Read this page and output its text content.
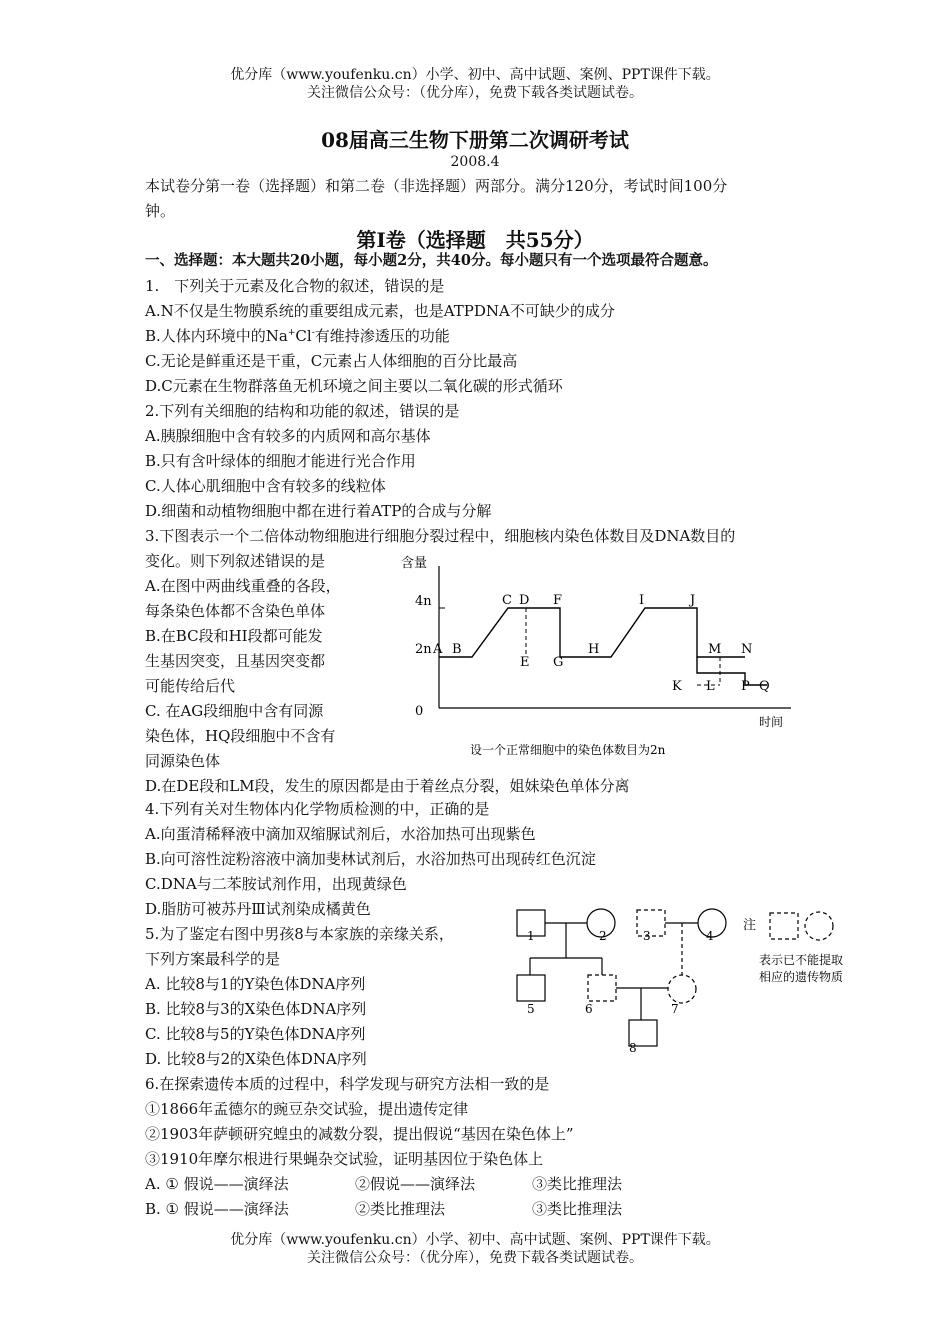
优分库（www.youfenku.cn）小学、初中、高中试题、案例、PPT课件下载。
关注微信公众号：（优分库），免费下载各类试题试卷。
08届高三生物下册第二次调研考试
2008.4
本试卷分第一卷（选择题）和第二卷（非选择题）两部分。满分120分，考试时间100分
钟。
第Ⅰ卷（选择题　共55分）
一、选择题：本大题共20小题，每小题2分，共40分。每小题只有一个选项最符合题意。
1.　下列关于元素及化合物的叙述，错误的是
A.N不仅是生物膜系统的重要组成元素，也是ATPDNA不可缺少的成分
B.人体内环境中的Na+Cl-有维持渗透压的功能
C.无论是鲜重还是干重，C元素占人体细胞的百分比最高
D.C元素在生物群落鱼无机环境之间主要以二氧化碳的形式循环
2.下列有关细胞的结构和功能的叙述，错误的是
A.胰腺细胞中含有较多的内质网和高尔基体
B.只有含叶绿体的细胞才能进行光合作用
C.人体心肌细胞中含有较多的线粒体
D.细菌和动植物细胞中都在进行着ATP的合成与分解
3.下图表示一个二倍体动物细胞进行细胞分裂过程中，细胞核内染色体数目及DNA数目的
变化。则下列叙述错误的是
A.在图中两曲线重叠的各段，
每条染色体都不含染色单体
B.在BC段和HI段都可能发
生基因突变，且基因突变都
可能传给后代
C. 在AG段细胞中含有同源
染色体，HQ段细胞中不含有
同源染色体
D.在DE段和LM段，发生的原因都是由于着丝点分裂，姐妹染色单体分离
含量
4n
2n
0
A B
C D
E
F
G
H
I	J
M N
K L P Q
时间
设一个正常细胞中的染色体数目为2n
4.下列有关对生物体内化学物质检测的中，正确的是
A.向蛋清稀释液中滴加双缩脲试剂后，水浴加热可出现紫色
B.向可溶性淀粉溶液中滴加斐林试剂后，水浴加热可出现砖红色沉淀
C.DNA与二苯胺试剂作用，出现黄绿色
D.脂肪可被苏丹Ⅲ试剂染成橘黄色
5.为了鉴定右图中男孩8与本家族的亲缘关系，
下列方案最科学的是
A. 比较8与1的Y染色体DNA序列
B. 比较8与3的X染色体DNA序列
C. 比较8与5的Y染色体DNA序列
D. 比较8与2的X染色体DNA序列
1	2	3	4
5	6	7
8
注
表示已不能提取
相应的遗传物质
6.在探索遗传本质的过程中，科学发现与研究方法相一致的是
①1866年孟德尔的豌豆杂交试验，提出遗传定律
②1903年萨顿研究蝗虫的减数分裂，提出假说“基因在染色体上”
③1910年摩尔根进行果蝇杂交试验，证明基因位于染色体上
A. ① 假说——演绎法	②假说——演绎法	③类比推理法
B. ① 假说——演绎法	②类比推理法	③类比推理法
优分库（www.youfenku.cn）小学、初中、高中试题、案例、PPT课件下载。
关注微信公众号：（优分库），免费下载各类试题试卷。
